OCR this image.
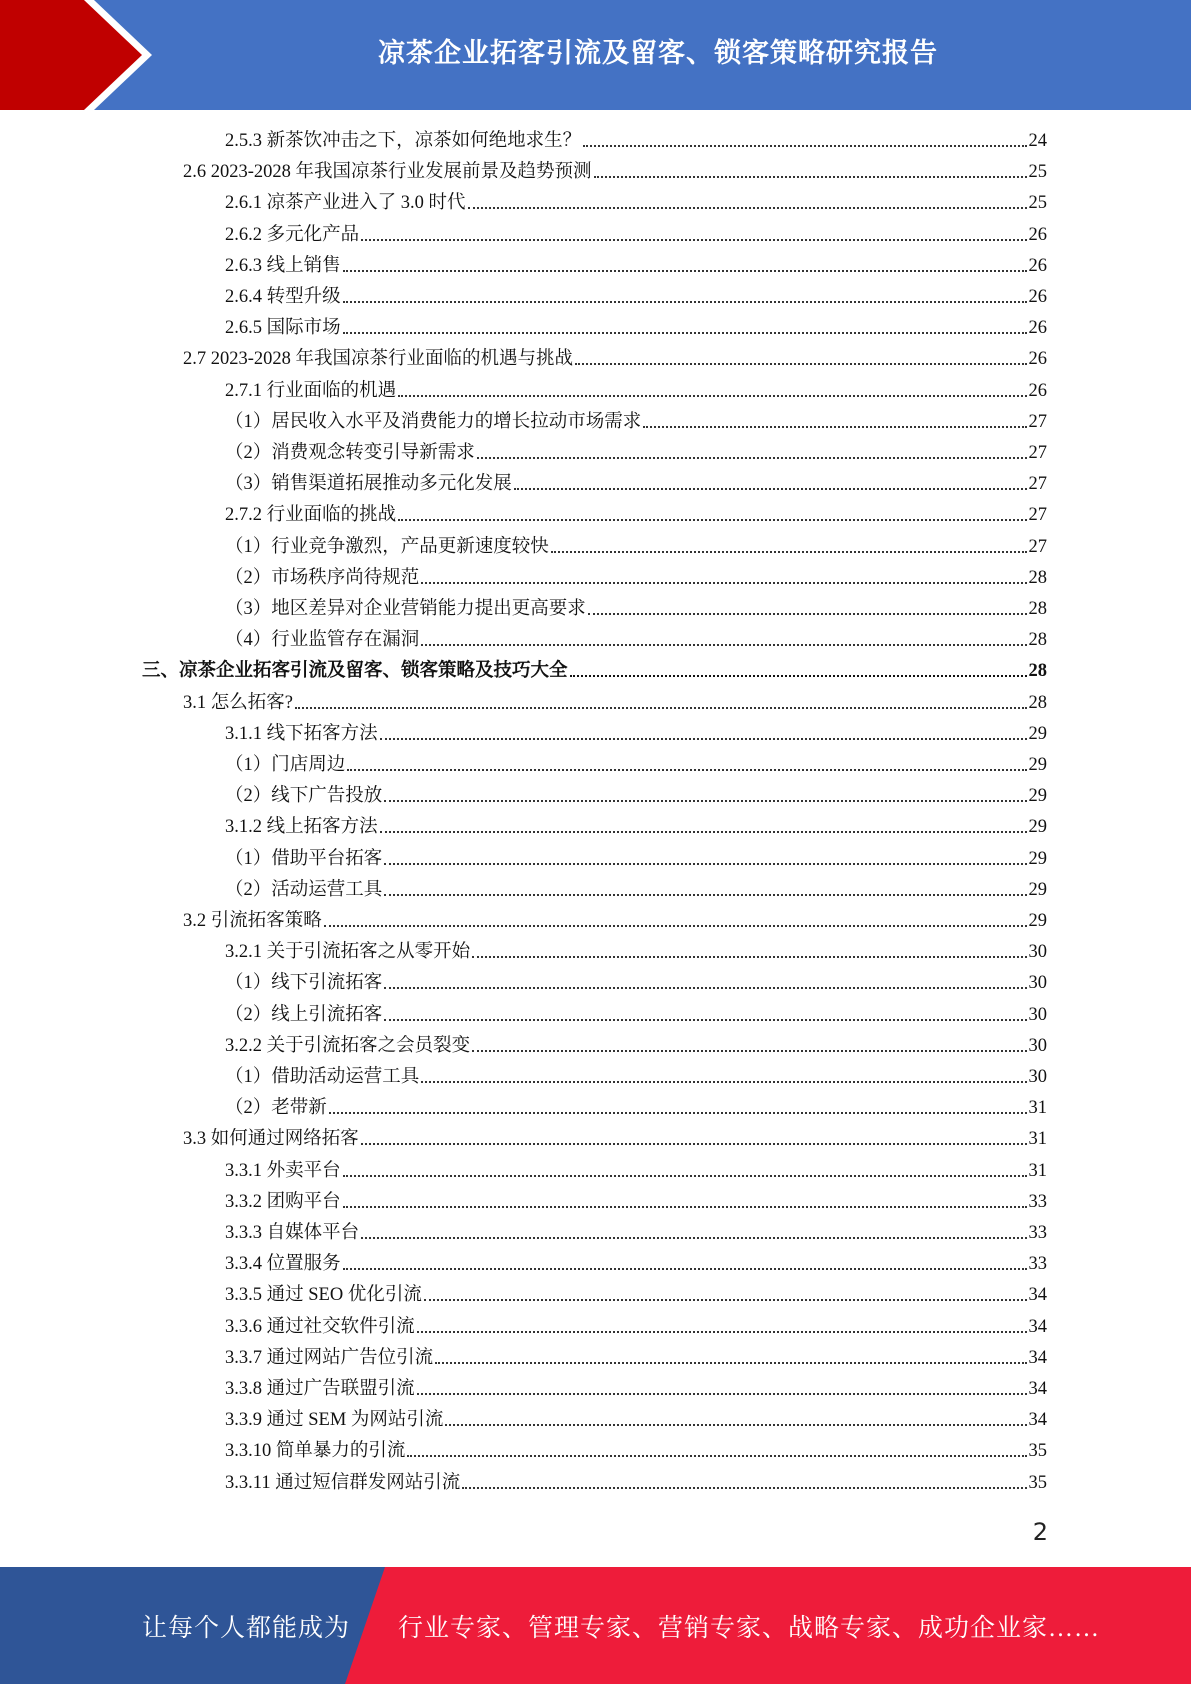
凉茶企业拓客引流及留客、锁客策略研究报告
2.5.3 新茶饮冲击之下，凉茶如何绝地求生？	24
2.6 2023-2028 年我国凉茶行业发展前景及趋势预测	25
2.6.1 凉茶产业进入了 3.0 时代	25
2.6.2 多元化产品	26
2.6.3 线上销售	26
2.6.4 转型升级	26
2.6.5 国际市场	26
2.7 2023-2028 年我国凉茶行业面临的机遇与挑战	26
2.7.1 行业面临的机遇	26
（1）居民收入水平及消费能力的增长拉动市场需求	27
（2）消费观念转变引导新需求	27
（3）销售渠道拓展推动多元化发展	27
2.7.2 行业面临的挑战	27
（1）行业竞争激烈，产品更新速度较快	27
（2）市场秩序尚待规范	28
（3）地区差异对企业营销能力提出更高要求	28
（4）行业监管存在漏洞	28
三、凉茶企业拓客引流及留客、锁客策略及技巧大全	28
3.1 怎么拓客?	28
3.1.1 线下拓客方法	29
（1）门店周边	29
（2）线下广告投放	29
3.1.2 线上拓客方法	29
（1）借助平台拓客	29
（2）活动运营工具	29
3.2 引流拓客策略	29
3.2.1 关于引流拓客之从零开始	30
（1）线下引流拓客	30
（2）线上引流拓客	30
3.2.2 关于引流拓客之会员裂变	30
（1）借助活动运营工具	30
（2）老带新	31
3.3 如何通过网络拓客	31
3.3.1 外卖平台	31
3.3.2 团购平台	33
3.3.3 自媒体平台	33
3.3.4 位置服务	33
3.3.5 通过 SEO 优化引流	34
3.3.6 通过社交软件引流	34
3.3.7 通过网站广告位引流	34
3.3.8 通过广告联盟引流	34
3.3.9 通过 SEM 为网站引流	34
3.3.10 简单暴力的引流	35
3.3.11 通过短信群发网站引流	35
2
让每个人都能成为 行业专家、管理专家、营销专家、战略专家、成功企业家……
